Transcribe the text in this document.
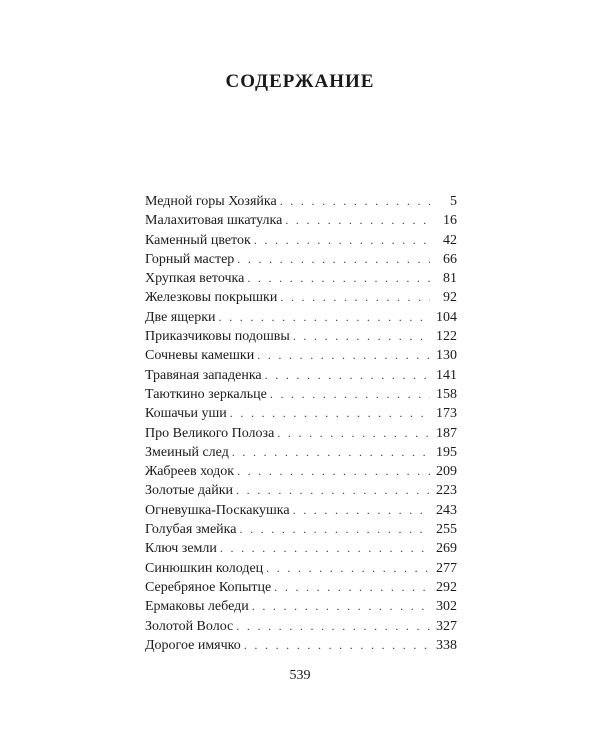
СОДЕРЖАНИЕ
Медной горы Хозяйка . . .	5
Малахитовая шкатулка . . .	16
Каменный цветок . . .	42
Горный мастер . . .	66
Хрупкая веточка . . .	81
Железковы покрышки . . .	92
Две ящерки . . .	104
Приказчиковы подошвы . . .	122
Сочневы камешки . . .	130
Травяная западенка . . .	141
Таюткино зеркальце . . .	158
Кошачьи уши . . .	173
Про Великого Полоза . . .	187
Змеиный след . . .	195
Жабреев ходок . . .	209
Золотые дайки . . .	223
Огневушка-Поскакушка . . .	243
Голубая змейка . . .	255
Ключ земли . . .	269
Синюшкин колодец . . .	277
Серебряное Копытце . . .	292
Ермаковы лебеди . . .	302
Золотой Волос . . .	327
Дорогое имячко . . .	338
539
